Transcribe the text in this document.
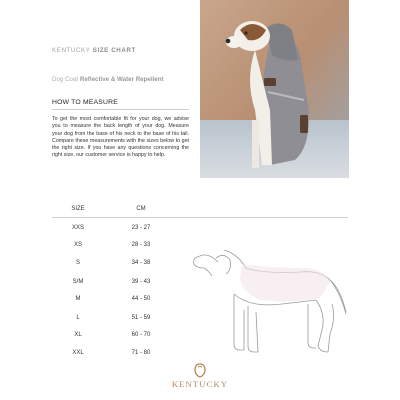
KENTUCKY SIZE CHART
Dog Coat Reflective & Water Repellent
HOW TO MEASURE
To get the most comfortable fit for your dog, we advise you to measure the back length of your dog. Measure your dog from the base of his neck to the base of his tail. Compare these measurements with the sizes below to get the right size. If you have any questions concerning the right size, our customer service is happy to help.
SIZE	CM
XXS	23 - 27
XS	28 - 33
S	34 - 38
S/M	39 - 43
M	44 - 50
L	51 - 59
XL	60 - 70
XXL	71 - 80
KENTUCKY
